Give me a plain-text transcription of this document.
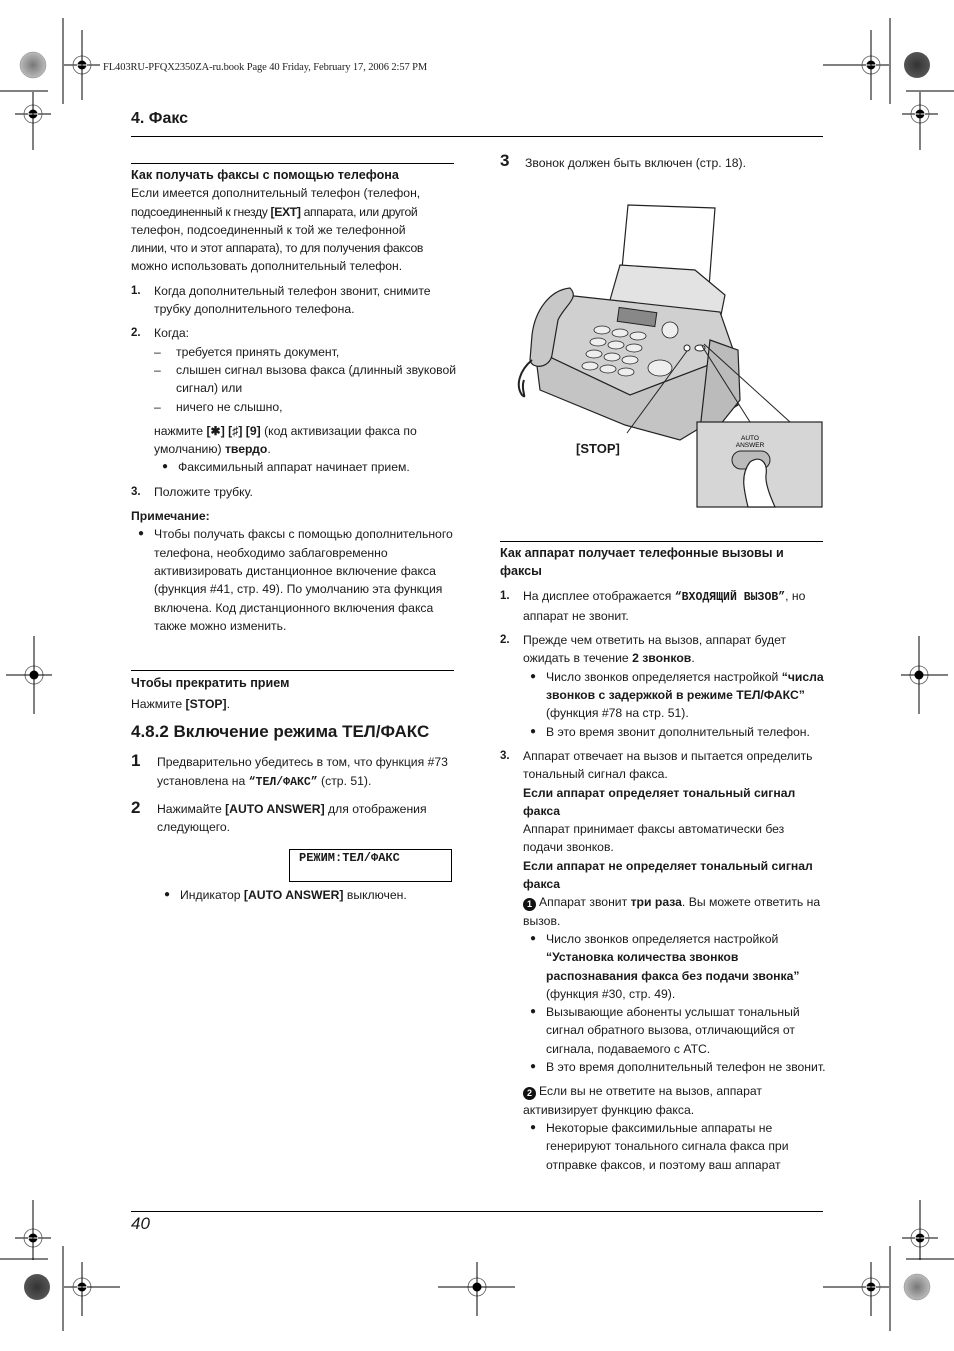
FL403RU-PFQX2350ZA-ru.book Page 40 Friday, February 17, 2006 2:57 PM
4. Факс

Как получать факсы с помощью телефона

Если имеется дополнительный телефон (телефон,

подсоединенный к гнезду [EXT] аппарата, или другой

телефон, подсоединенный к той же телефонной

линии, что и этот аппарата), то для получения факсов

можно использовать дополнительный телефон.

1.	Когда дополнительный телефон звонит, снимите трубку дополнительного телефона.
2.	Когда:
–	требуется принять документ,
–	слышен сигнал вызова факса (длинный звуковой сигнал) или
–	ничего не слышно,

нажмите [✱] [♯] [9] (код активизации факса по умолчанию) твердо.

● Факсимильный аппарат начинает прием.
3.	Положите трубку.

Примечание:

● Чтобы получать факсы с помощью дополнительного телефона, необходимо заблаговременно активизировать дистанционное включение факса (функция #41, стр. 49). По умолчанию эта функция включена. Код дистанционного включения факса также можно изменить.

Чтобы прекратить прием

Нажмите [STOP].

4.8.2 Включение режима ТЕЛ/ФАКС

1	Предварительно убедитесь в том, что функция #73 установлена на “ТЕЛ/ФАКС” (стр. 51).
2	Нажимайте [AUTO ANSWER] для отображения следующего.
РЕЖИМ:ТЕЛ/ФАКС
● Индикатор [AUTO ANSWER] выключен.
3	Звонок должен быть включен (стр. 18).
AUTO
ANSWER
[STOP]

Как аппарат получает телефонные вызовы и факсы

1.	На дисплее отображается “ВХОДЯЩИЙ ВЫЗОВ”, но аппарат не звонит.
2.	Прежде чем ответить на вызов, аппарат будет ожидать в течение 2 звонков.
● Число звонков определяется настройкой “числа звонков с задержкой в режиме ТЕЛ/ФАКС” (функция #78 на стр. 51).
● В это время звонит дополнительный телефон.
3.	Аппарат отвечает на вызов и пытается определить тональный сигнал факса.

Если аппарат определяет тональный сигнал факса

Аппарат принимает факсы автоматически без подачи звонков.

Если аппарат не определяет тональный сигнал факса

1 Аппарат звонит три раза. Вы можете ответить на вызов.

● Число звонков определяется настройкой “Установка количества звонков распознавания факса без подачи звонка” (функция #30, стр. 49).
● Вызывающие абоненты услышат тональный сигнал обратного вызова, отличающийся от сигнала, подаваемого с АТС.
● В это время дополнительный телефон не звонит.

2 Если вы не ответите на вызов, аппарат активизирует функцию факса.

● Некоторые факсимильные аппараты не генерируют тонального сигнала факса при отправке факсов, и поэтому ваш аппарат
40
